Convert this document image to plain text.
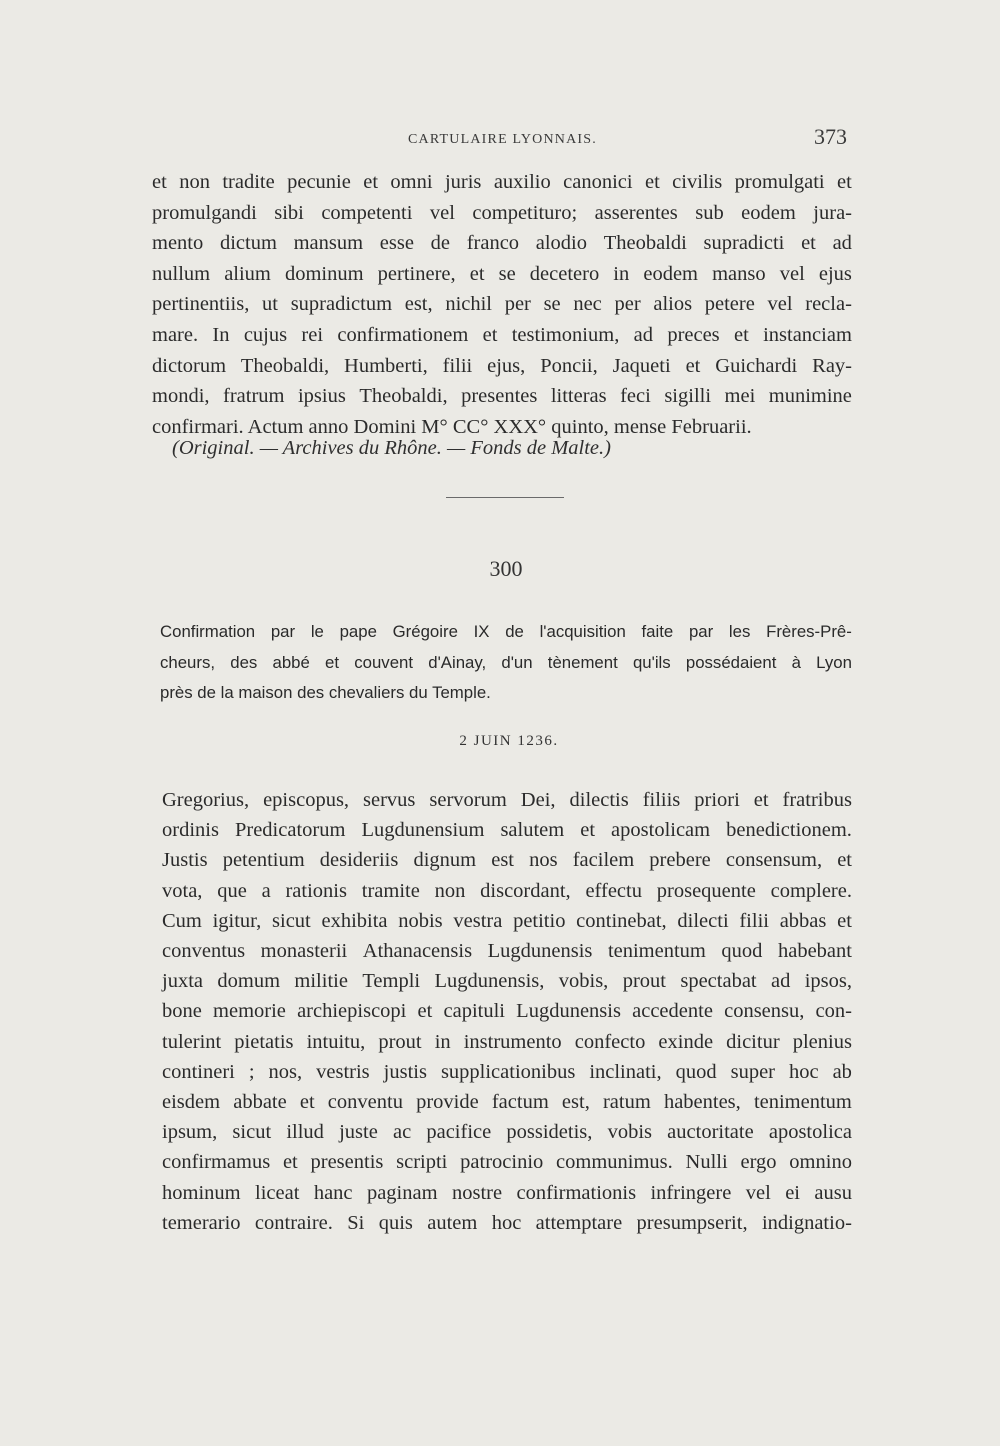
CARTULAIRE LYONNAIS.	373
et non tradite pecunie et omni juris auxilio canonici et civilis promulgati et
promulgandi sibi competenti vel competituro; asserentes sub eodem jura-
mento dictum mansum esse de franco alodio Theobaldi supradicti et ad
nullum alium dominum pertinere, et se decetero in eodem manso vel ejus
pertinentiis, ut supradictum est, nichil per se nec per alios petere vel recla-
mare. In cujus rei confirmationem et testimonium, ad preces et instanciam
dictorum Theobaldi, Humberti, filii ejus, Poncii, Jaqueti et Guichardi Ray-
mondi, fratrum ipsius Theobaldi, presentes litteras feci sigilli mei munimine
confirmari. Actum anno Domini M° CC° XXX° quinto, mense Februarii.
(Original. — Archives du Rhône. — Fonds de Malte.)
300
Confirmation par le pape Grégoire IX de l'acquisition faite par les Frères-Prê-
cheurs, des abbé et couvent d'Ainay, d'un tènement qu'ils possédaient à Lyon
près de la maison des chevaliers du Temple.
2 JUIN 1236.
Gregorius, episcopus, servus servorum Dei, dilectis filiis priori et fratribus
ordinis Predicatorum Lugdunensium salutem et apostolicam benedictionem.
Justis petentium desideriis dignum est nos facilem prebere consensum, et
vota, que a rationis tramite non discordant, effectu prosequente complere.
Cum igitur, sicut exhibita nobis vestra petitio continebat, dilecti filii abbas et
conventus monasterii Athanacensis Lugdunensis tenimentum quod habebant
juxta domum militie Templi Lugdunensis, vobis, prout spectabat ad ipsos,
bone memorie archiepiscopi et capituli Lugdunensis accedente consensu, con-
tulerint pietatis intuitu, prout in instrumento confecto exinde dicitur plenius
contineri ; nos, vestris justis supplicationibus inclinati, quod super hoc ab
eisdem abbate et conventu provide factum est, ratum habentes, tenimentum
ipsum, sicut illud juste ac pacifice possidetis, vobis auctoritate apostolica
confirmamus et presentis scripti patrocinio communimus. Nulli ergo omnino
hominum liceat hanc paginam nostre confirmationis infringere vel ei ausu
temerario contraire. Si quis autem hoc attemptare presumpserit, indignatio-
